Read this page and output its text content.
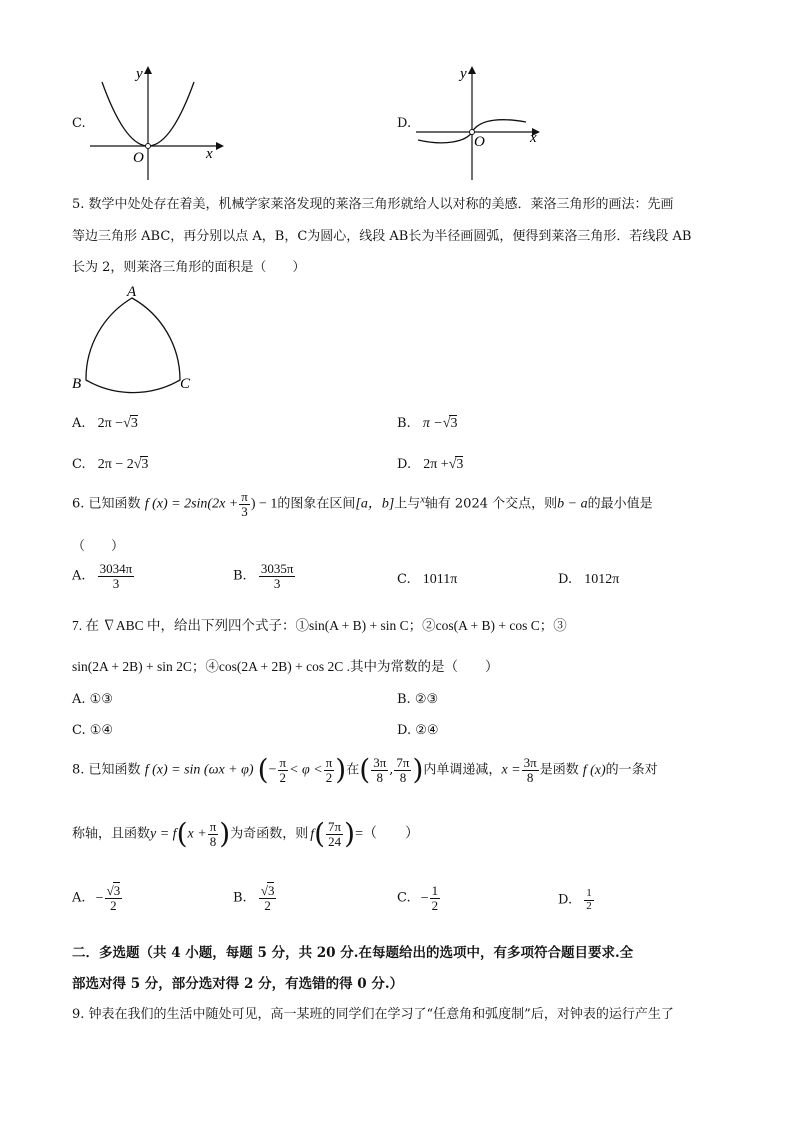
C.
y
x
O
D.
y
x
O
5. 数学中处处存在着美，机械学家莱洛发现的莱洛三角形就给人以对称的美感．莱洛三角形的画法：先画
等边三角形 ABC，再分别以点 A，B，C为圆心，线段 AB长为半径画圆弧，便得到莱洛三角形．若线段 AB
长为 2，则莱洛三角形的面积是（　　）
A
B	C
A. 2π −√3	B. π −√3
C. 2π − 2√3	D. 2π +√3
6. 已知函数 f $(x) = 2\sin(2x + \frac{\pi}{3}$ ) − 1的图象在区间[a，b]上与$^x$轴有 2024 个交点，则b − a的最小值是
（　　）
A. $\frac{3034\pi}{3}$	B. $\frac{3035\pi}{3}$	C. 1011π	D. 1012π
7. 在 ∇ABC 中，给出下列四个式子：①sin(A + B) + sin C；②cos(A + B) + cos C；③
sin(2A + 2B) + sin 2C；④cos(2A + 2B) + cos 2C .其中为常数的是（　　）
A. ①③	B. ②③
C. ①④	D. ②④
8. 已知函数 f (x) = sin (ωx + φ) (− $\frac{\pi}{2} < \varphi < \frac{\pi}{2}$ )在( $\frac{3\pi}{8}$ , $\frac{7\pi}{8}$ )内单调递减，$x = \frac{3\pi}{8}$ 是函数 f (x)的一条对
称轴，且函数$y = f(x + \frac{\pi}{8}$ )为奇函数，则 $f( \frac{7\pi}{24}$ )=（　　）
A. − $\frac{√3}{2}$	B. $\frac{√3}{2}$	C. − $\frac{1}{2}$	D. $\frac{1}{2}$
二．多选题（共 4 小题，每题 5 分，共 20 分.在每题给出的选项中，有多项符合题目要求.全
部选对得 5 分，部分选对得 2 分，有选错的得 0 分.）
9. 钟表在我们的生活中随处可见，高一某班的同学们在学习了“任意角和弧度制”后，对钟表的运行产生了
